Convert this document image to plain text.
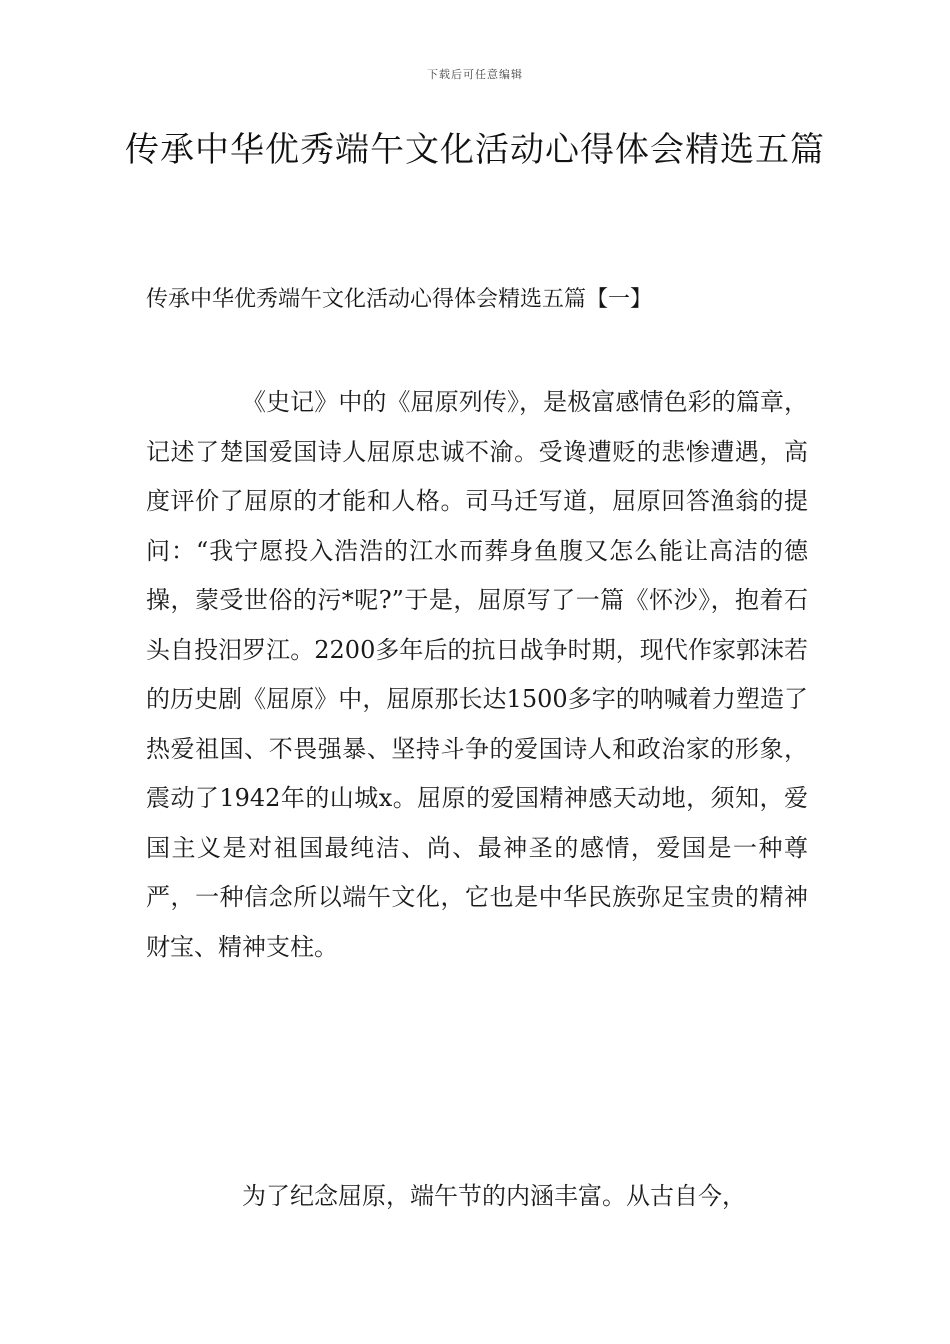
下载后可任意编辑
传承中华优秀端午文化活动心得体会精选五篇
传承中华优秀端午文化活动心得体会精选五篇【一】

《史记》中的《屈原列传》，是极富感情色彩的篇章，记述了楚国爱国诗人屈原忠诚不渝。受谗遭贬的悲惨遭遇，高度评价了屈原的才能和人格。司马迁写道，屈原回答渔翁的提问：“我宁愿投入浩浩的江水而葬身鱼腹又怎么能让高洁的德操，蒙受世俗的污*呢?”于是，屈原写了一篇《怀沙》，抱着石头自投汨罗江。2200多年后的抗日战争时期，现代作家郭沫若的历史剧《屈原》中，屈原那长达1500多字的呐喊着力塑造了热爱祖国、不畏强暴、坚持斗争的爱国诗人和政治家的形象，震动了1942年的山城x。屈原的爱国精神感天动地，须知，爱国主义是对祖国最纯洁、尚、最神圣的感情，爱国是一种尊严，一种信念所以端午文化，它也是中华民族弥足宝贵的精神财宝、精神支柱。

为了纪念屈原，端午节的内涵丰富。从古自今，
